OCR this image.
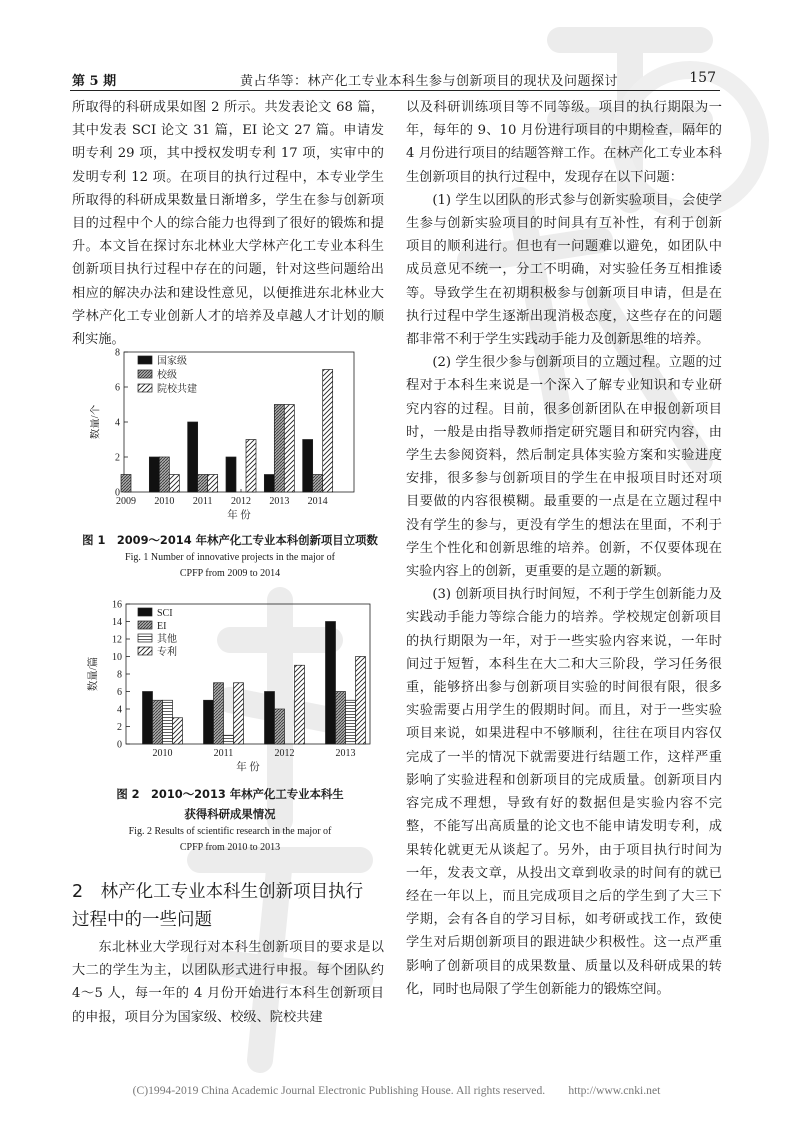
第 5 期	黄占华等：林产化工专业本科生参与创新项目的现状及问题探讨	157

所取得的科研成果如图 2 所示。共发表论文 68 篇，其中发表 SCI 论文 31 篇，EI 论文 27 篇。申请发明专利 29 项，其中授权发明专利 17 项，实审中的发明专利 12 项。在项目的执行过程中，本专业学生所取得的科研成果数量日渐增多，学生在参与创新项目的过程中个人的综合能力也得到了很好的锻炼和提升。本文旨在探讨东北林业大学林产化工专业本科生创新项目执行过程中存在的问题，针对这些问题给出相应的解决办法和建设性意见，以便推进东北林业大学林产化工专业创新人才的培养及卓越人才计划的顺利实施。

0
2
4
6
8
数量/个
年 份
2009 2010 2011 2012 2013 2014
国家级
校级
院校共建
图 1　2009～2014 年林产化工专业本科创新项目立项数
Fig. 1 Number of innovative projects in the major of
CPFP from 2009 to 2014
0
2
4
6
8
10
12
14
16
数量/篇
年 份
2010	2011	2012	2013
SCI
EI
其他
专利
图 2　2010～2013 年林产化工专业本科生
获得科研成果情况
Fig. 2 Results of scientific research in the major of
CPFP from 2010 to 2013
2　林产化工专业本科生创新项目执行
过程中的一些问题

东北林业大学现行对本科生创新项目的要求是以大二的学生为主，以团队形式进行申报。每个团队约 4～5 人，每一年的 4 月份开始进行本科生创新项目的申报，项目分为国家级、校级、院校共建

以及科研训练项目等不同等级。项目的执行期限为一年，每年的 9、10 月份进行项目的中期检查，隔年的 4 月份进行项目的结题答辩工作。在林产化工专业本科生创新项目的执行过程中，发现存在以下问题：

(1) 学生以团队的形式参与创新实验项目，会使学生参与创新实验项目的时间具有互补性，有利于创新项目的顺利进行。但也有一问题难以避免，如团队中成员意见不统一，分工不明确，对实验任务互相推诿等。导致学生在初期积极参与创新项目申请，但是在执行过程中学生逐渐出现消极态度，这些存在的问题都非常不利于学生实践动手能力及创新思维的培养。

(2) 学生很少参与创新项目的立题过程。立题的过程对于本科生来说是一个深入了解专业知识和专业研究内容的过程。目前，很多创新团队在申报创新项目时，一般是由指导教师指定研究题目和研究内容，由学生去参阅资料，然后制定具体实验方案和实验进度安排，很多参与创新项目的学生在申报项目时还对项目要做的内容很模糊。最重要的一点是在立题过程中没有学生的参与，更没有学生的想法在里面，不利于学生个性化和创新思维的培养。创新，不仅要体现在实验内容上的创新，更重要的是立题的新颖。

(3) 创新项目执行时间短，不利于学生创新能力及实践动手能力等综合能力的培养。学校规定创新项目的执行期限为一年，对于一些实验内容来说，一年时间过于短暂，本科生在大二和大三阶段，学习任务很重，能够挤出参与创新项目实验的时间很有限，很多实验需要占用学生的假期时间。而且，对于一些实验项目来说，如果进程中不够顺利，往往在项目内容仅完成了一半的情况下就需要进行结题工作，这样严重影响了实验进程和创新项目的完成质量。创新项目内容完成不理想，导致有好的数据但是实验内容不完整，不能写出高质量的论文也不能申请发明专利，成果转化就更无从谈起了。另外，由于项目执行时间为一年，发表文章，从投出文章到收录的时间有的就已经在一年以上，而且完成项目之后的学生到了大三下学期，会有各自的学习目标，如考研或找工作，致使学生对后期创新项目的跟进缺少积极性。这一点严重影响了创新项目的成果数量、质量以及科研成果的转化，同时也局限了学生创新能力的锻炼空间。

(C)1994-2019 China Academic Journal Electronic Publishing House. All rights reserved.　　http://www.cnki.net
